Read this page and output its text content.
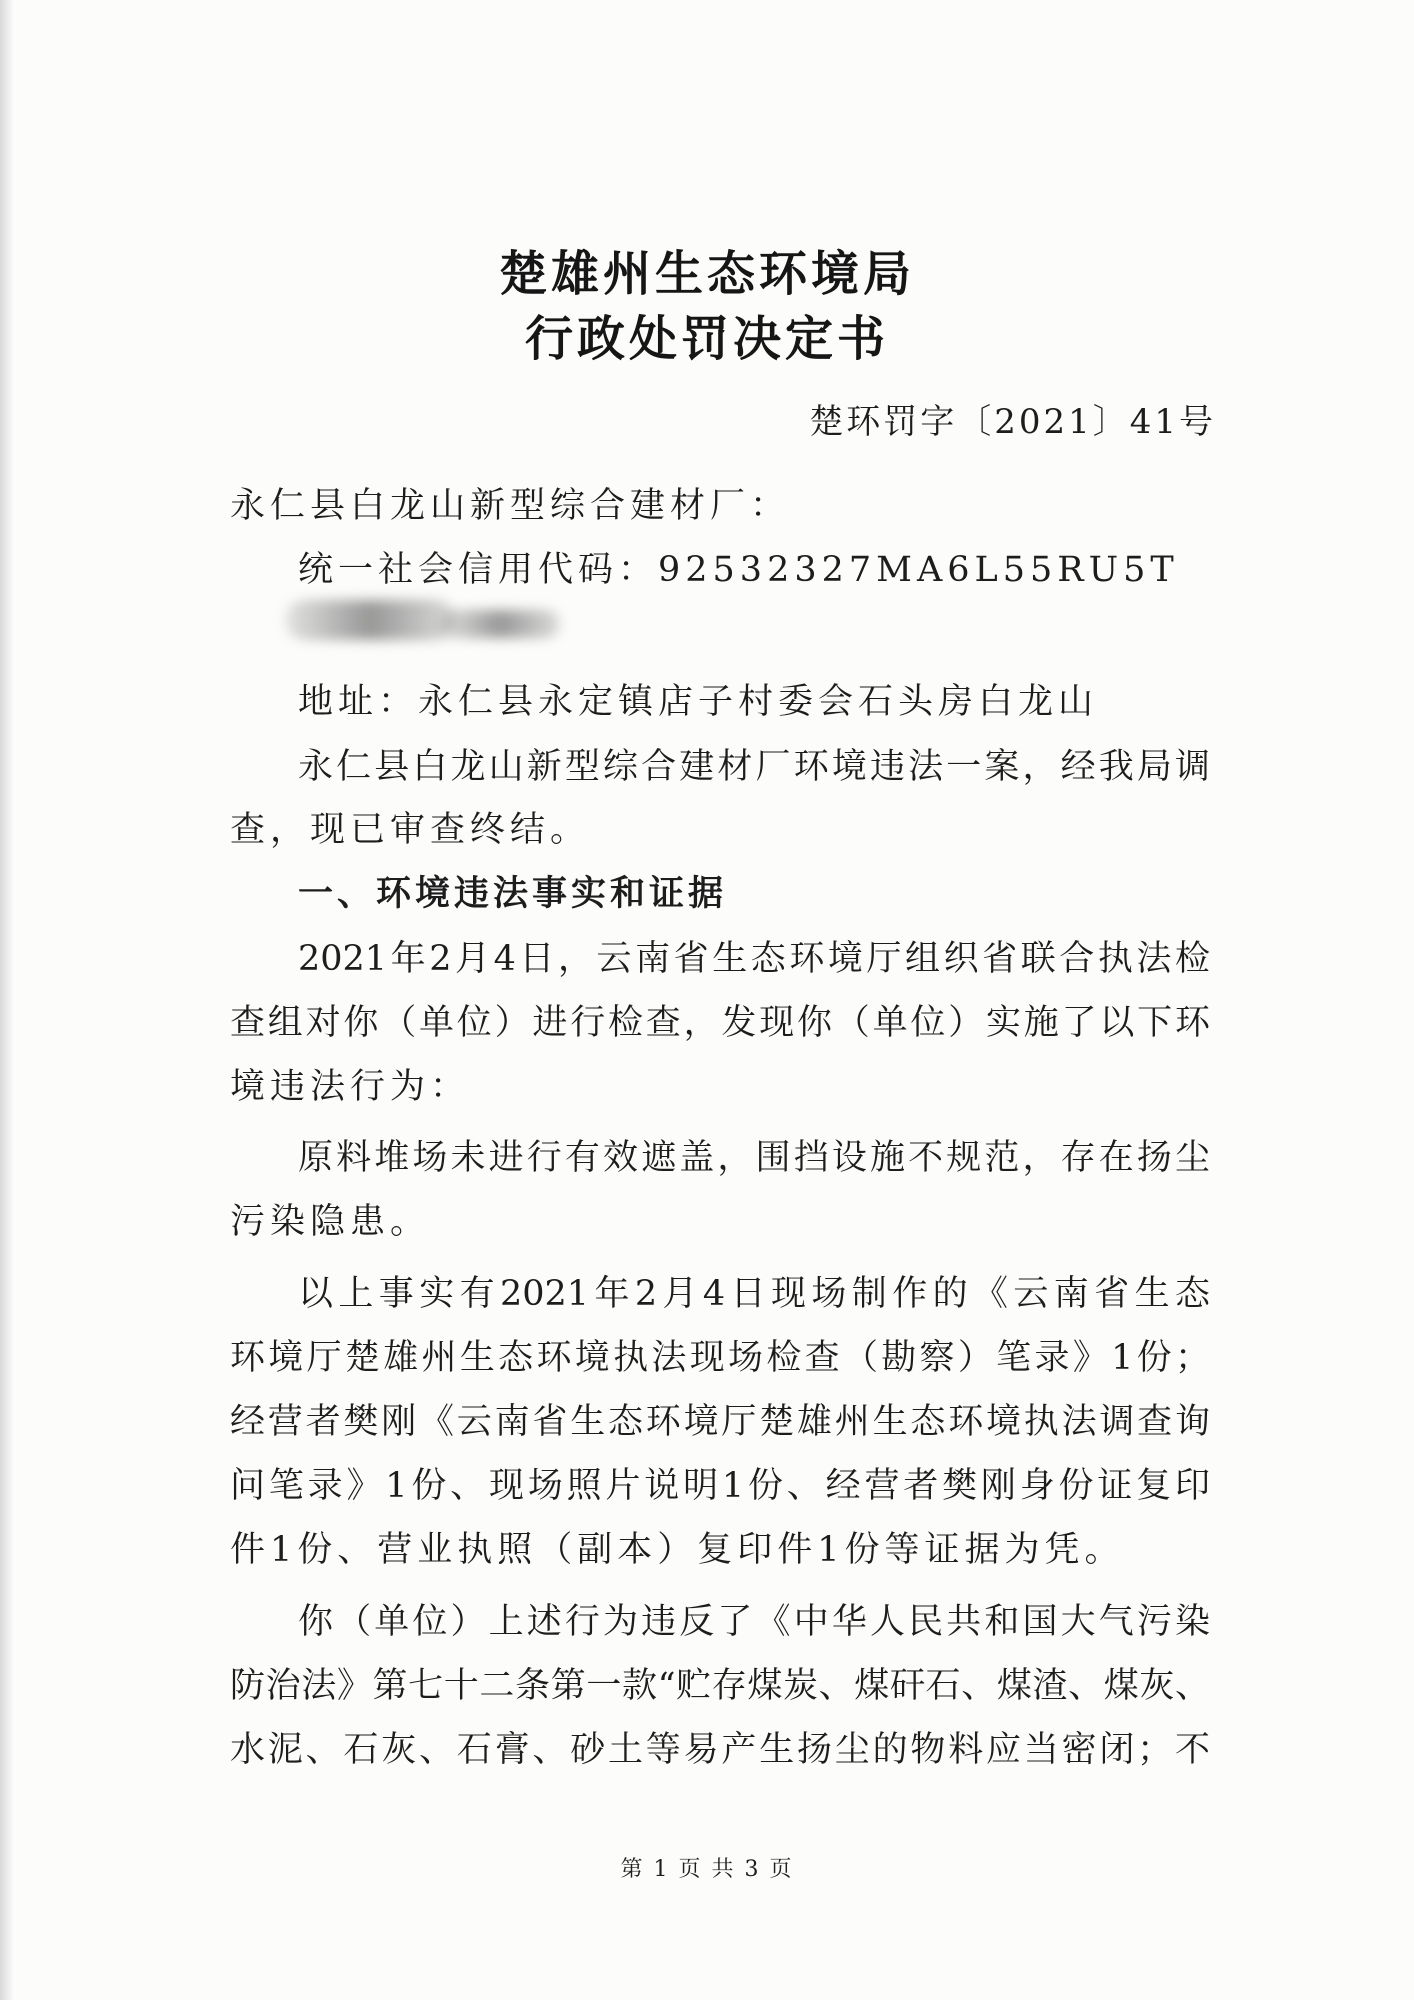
楚雄州生态环境局
行政处罚决定书
楚环罚字〔2021〕41号
永仁县白龙山新型综合建材厂：
统一社会信用代码：92532327MA6L55RU5T
地址：永仁县永定镇店子村委会石头房白龙山
永仁县白龙山新型综合建材厂环境违法一案，经我局调
查，现已审查终结。
一、环境违法事实和证据
2021年2月4日，云南省生态环境厅组织省联合执法检
查组对你（单位）进行检查，发现你（单位）实施了以下环
境违法行为：
原料堆场未进行有效遮盖，围挡设施不规范，存在扬尘
污染隐患。
以上事实有2021年2月4日现场制作的《云南省生态
环境厅楚雄州生态环境执法现场检查（勘察）笔录》1份；
经营者樊刚《云南省生态环境厅楚雄州生态环境执法调查询
问笔录》1份、现场照片说明1份、经营者樊刚身份证复印
件1份、营业执照（副本）复印件1份等证据为凭。
你（单位）上述行为违反了《中华人民共和国大气污染
防治法》第七十二条第一款“贮存煤炭、煤矸石、煤渣、煤灰、
水泥、石灰、石膏、砂土等易产生扬尘的物料应当密闭；不
第 1 页 共 3 页
